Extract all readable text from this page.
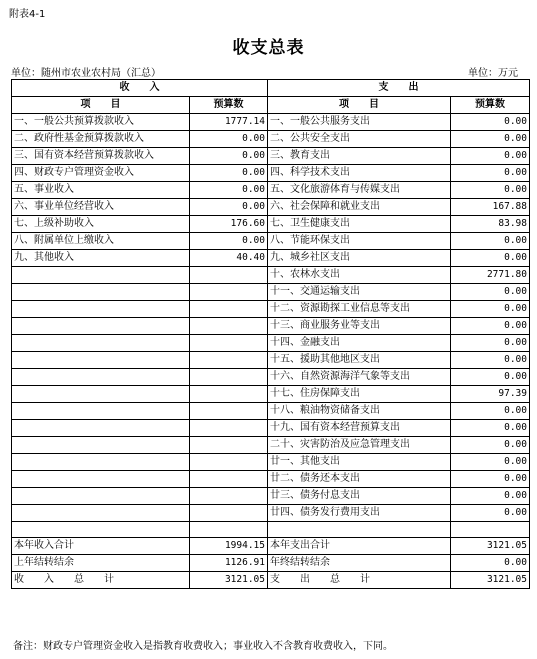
附表4-1
收支总表
单位：随州市农业农村局（汇总）	单位：万元
收　　入		支　　出	
项　　目	预算数	项　　目	预算数
一、一般公共预算拨款收入	1777.14	一、一般公共服务支出	0.00
二、政府性基金预算拨款收入	0.00	二、公共安全支出	0.00
三、国有资本经营预算拨款收入	0.00	三、教育支出	0.00
四、财政专户管理资金收入	0.00	四、科学技术支出	0.00
五、事业收入	0.00	五、文化旅游体育与传媒支出	0.00
六、事业单位经营收入	0.00	六、社会保障和就业支出	167.88
七、上级补助收入	176.60	七、卫生健康支出	83.98
八、附属单位上缴收入	0.00	八、节能环保支出	0.00
九、其他收入	40.40	九、城乡社区支出	0.00
		十、农林水支出	2771.80
		十一、交通运输支出	0.00
		十二、资源勘探工业信息等支出	0.00
		十三、商业服务业等支出	0.00
		十四、金融支出	0.00
		十五、援助其他地区支出	0.00
		十六、自然资源海洋气象等支出	0.00
		十七、住房保障支出	97.39
		十八、粮油物资储备支出	0.00
		十九、国有资本经营预算支出	0.00
		二十、灾害防治及应急管理支出	0.00
		廿一、其他支出	0.00
		廿二、债务还本支出	0.00
		廿三、债务付息支出	0.00
		廿四、债务发行费用支出	0.00

本年收入合计	1994.15	本年支出合计	3121.05
上年结转结余	1126.91	年终结转结余	0.00
收　　入　　总　　计	3121.05	支　　出　　总　　计	3121.05
备注：财政专户管理资金收入是指教育收费收入；事业收入不含教育收费收入，下同。
